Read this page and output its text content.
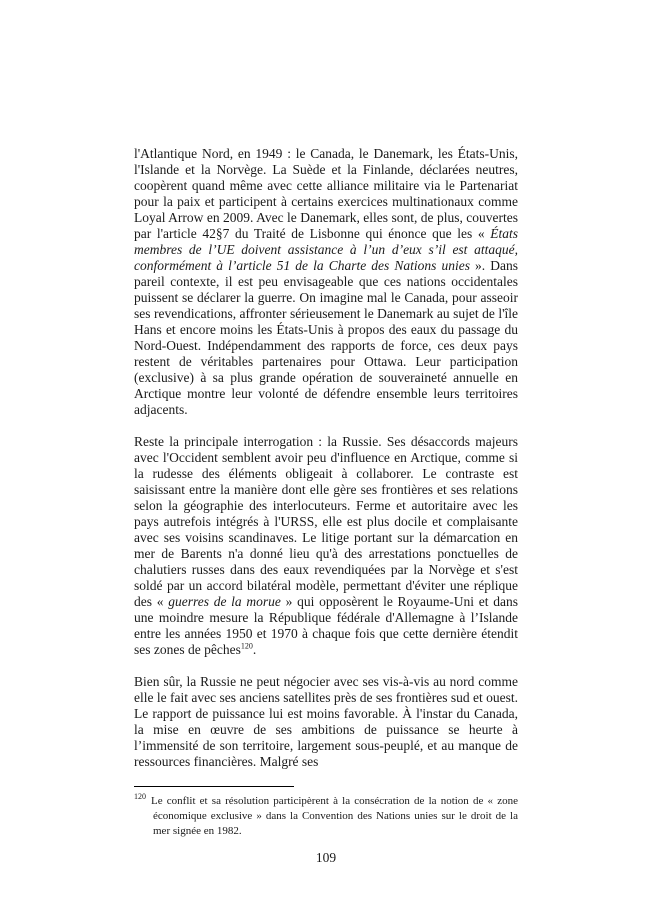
l'Atlantique Nord, en 1949 : le Canada, le Danemark, les États-Unis, l'Islande et la Norvège. La Suède et la Finlande, déclarées neutres, coopèrent quand même avec cette alliance militaire via le Partenariat pour la paix et participent à certains exercices multinationaux comme Loyal Arrow en 2009. Avec le Danemark, elles sont, de plus, couvertes par l'article 42§7 du Traité de Lisbonne qui énonce que les « États membres de l’UE doivent assistance à l’un d’eux s’il est attaqué, conformément à l’article 51 de la Charte des Nations unies ». Dans pareil contexte, il est peu envisageable que ces nations occidentales puissent se déclarer la guerre. On imagine mal le Canada, pour asseoir ses revendications, affronter sérieusement le Danemark au sujet de l'île Hans et encore moins les États-Unis à propos des eaux du passage du Nord-Ouest. Indépendamment des rapports de force, ces deux pays restent de véritables partenaires pour Ottawa. Leur participation (exclusive) à sa plus grande opération de souveraineté annuelle en Arctique montre leur volonté de défendre ensemble leurs territoires adjacents.

Reste la principale interrogation : la Russie. Ses désaccords majeurs avec l'Occident semblent avoir peu d'influence en Arctique, comme si la rudesse des éléments obligeait à collaborer. Le contraste est saisissant entre la manière dont elle gère ses frontières et ses relations selon la géographie des interlocuteurs. Ferme et autoritaire avec les pays autrefois intégrés à l'URSS, elle est plus docile et complaisante avec ses voisins scandinaves. Le litige portant sur la démarcation en mer de Barents n'a donné lieu qu'à des arrestations ponctuelles de chalutiers russes dans des eaux revendiquées par la Norvège et s'est soldé par un accord bilatéral modèle, permettant d'éviter une réplique des « guerres de la morue » qui opposèrent le Royaume-Uni et dans une moindre mesure la République fédérale d'Allemagne à l’Islande entre les années 1950 et 1970 à chaque fois que cette dernière étendit ses zones de pêches$^{120}$.

Bien sûr, la Russie ne peut négocier avec ses vis-à-vis au nord comme elle le fait avec ses anciens satellites près de ses frontières sud et ouest. Le rapport de puissance lui est moins favorable. À l'instar du Canada, la mise en œuvre de ses ambitions de puissance se heurte à l’immensité de son territoire, largement sous-peuplé, et au manque de ressources financières. Malgré ses

$^{120}$ Le conflit et sa résolution participèrent à la consécration de la notion de « zone économique exclusive » dans la Convention des Nations unies sur le droit de la mer signée en 1982.
109
